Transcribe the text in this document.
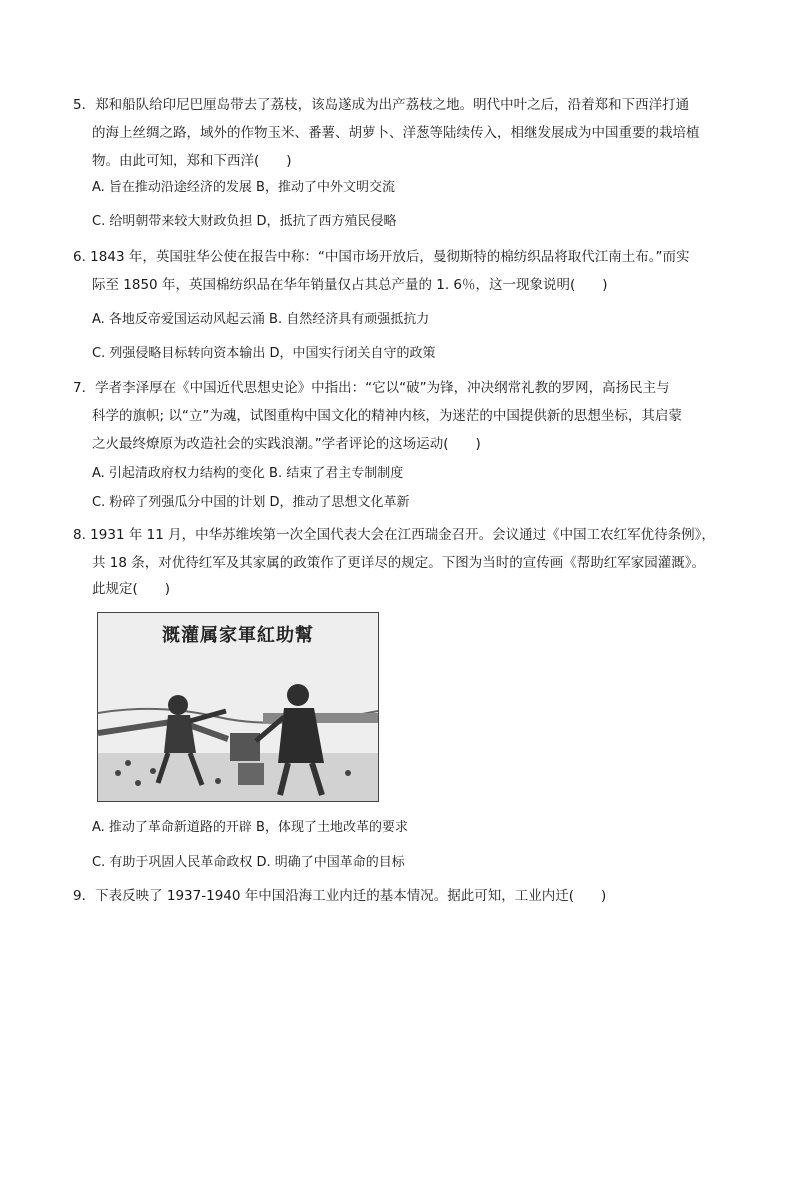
5．郑和船队给印尼巴厘岛带去了荔枝，该岛遂成为出产荔枝之地。明代中叶之后，沿着郑和下西洋打通
的海上丝绸之路，域外的作物玉米、番薯、胡萝卜、洋葱等陆续传入，相继发展成为中国重要的栽培植
物。由此可知，郑和下西洋(　　)
A. 旨在推动沿途经济的发展 B，推动了中外文明交流
C. 给明朝带来较大财政负担 D，抵抗了西方殖民侵略
6. 1843 年，英国驻华公使在报告中称：“中国市场开放后，曼彻斯特的棉纺织品将取代江南土布。”而实
际至 1850 年，英国棉纺织品在华年销量仅占其总产量的 1. 6％，这一现象说明(　　)
A. 各地反帝爱国运动风起云涌 B. 自然经济具有顽强抵抗力
C. 列强侵略目标转向资本输出 D，中国实行闭关自守的政策
7．学者李泽厚在《中国近代思想史论》中指出：“它以“破”为锋，冲决纲常礼教的罗网，高扬民主与
科学的旗帜; 以“立”为魂，试图重构中国文化的精神内核，为迷茫的中国提供新的思想坐标，其启蒙
之火最终燎原为改造社会的实践浪潮。”学者评论的这场运动(　　)
A. 引起清政府权力结构的变化 B. 结束了君主专制制度
C. 粉碎了列强瓜分中国的计划 D，推动了思想文化革新
8. 1931 年 11 月，中华苏维埃第一次全国代表大会在江西瑞金召开。会议通过《中国工农红军优待条例》，
共 18 条，对优待红军及其家属的政策作了更详尽的规定。下图为当时的宣传画《帮助红军家园灌溉》。
此规定(　　)
溉灌属家軍紅助幫
A. 推动了革命新道路的开辟 B，体现了土地改革的要求
C. 有助于巩固人民革命政权 D. 明确了中国革命的目标
9．下表反映了 1937-1940 年中国沿海工业内迁的基本情况。据此可知，工业内迁(　　)
